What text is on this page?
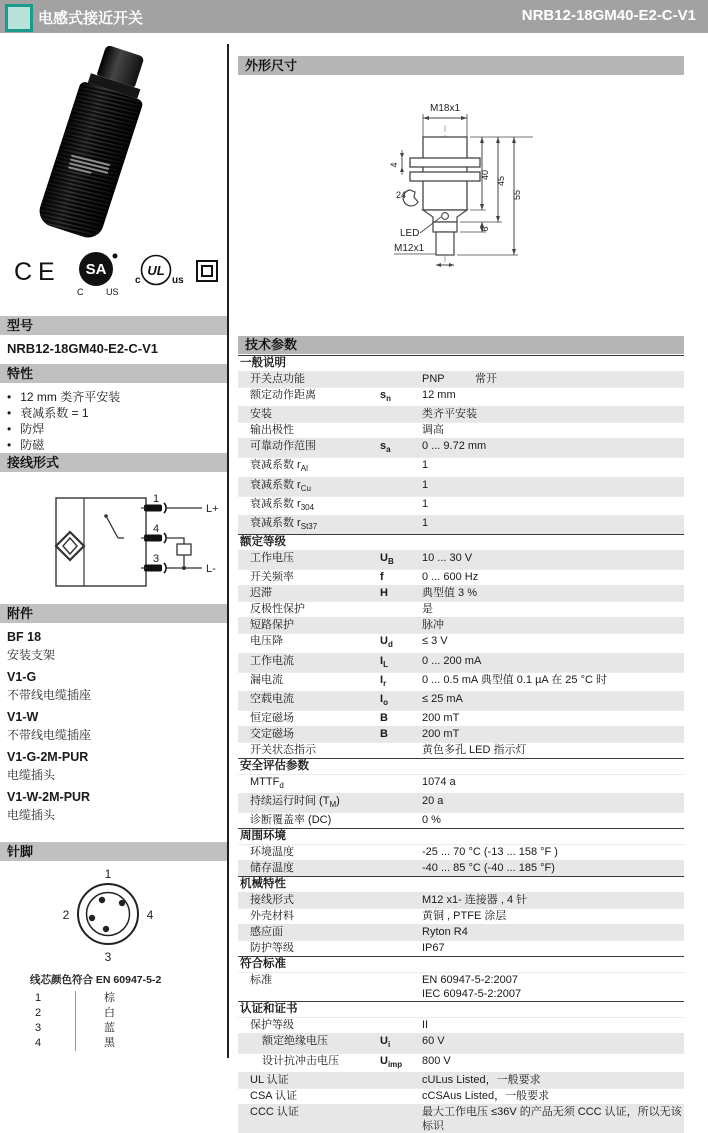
电感式接近开关	NRB12-18GM40-E2-C-V1
CE SA
C	US
UL
c	us
型号
NRB12-18GM40-E2-C-V1
特性
• 12 mm 类齐平安装
• 衰减系数 = 1
• 防焊
• 防磁
接线形式
1
L+
4
3
L-
附件
BF 18
安装支架
V1-G
不带线电缆插座
V1-W
不带线电缆插座
V1-G-2M-PUR
电缆插头
V1-W-2M-PUR
电缆插头
针脚
1
2
3
4
线芯颜色符合 EN 60947-5-2
1	棕
2	白
3	蓝
4	黑
外形尺寸
M18x1
4
24
LED
M12x1
40
45
55
6
技术参数
一般说明
开关点功能	PNP	常开
额定动作距离	$s_n$	12 mm
安装	类齐平安装
输出极性	调高
可靠动作范围	$s_a$	0 ... 9.72 mm
衰减系数 $r_{Al}$	1
衰减系数 $r_{Cu}$	1
衰减系数 $r_{304}$	1
衰减系数 $r_{St37}$	1
额定等级
工作电压	$U_B$	10 ... 30 V
开关频率	f	0 ... 600 Hz
迟滞	H	典型值 3 %
反极性保护	是
短路保护	脉冲
电压降	$U_d$	≤ 3 V
工作电流	$I_L$	0 ... 200 mA
漏电流	$I_r$	0 ... 0.5 mA 典型值 0.1 µA 在 25 °C 时
空载电流	$I_o$	≤ 25 mA
恒定磁场	B	200 mT
交定磁场	B	200 mT
开关状态指示	黄色多孔 LED 指示灯
安全评估参数
$MTTF_d$	1074 a
持续运行时间 $(T_M)$	20 a
诊断覆盖率 (DC)	0 %
周围环境
环境温度	-25 ... 70 °C (-13 ... 158 °F )
储存温度	-40 ... 85 °C (-40 ... 185 °F)
机械特性
接线形式	M12 x1- 连接器 , 4 针
外壳材料	黄铜 , PTFE 涂层
感应面	Ryton R4
防护等级	IP67
符合标准
标准	EN 60947-5-2:2007
IEC 60947-5-2:2007
认证和证书
保护等级	II
额定绝缘电压	$U_i$	60 V
设计抗冲击电压	$U_{imp}$	800 V
UL 认证	cULus Listed，一般要求
CSA 认证	cCSAus Listed，一般要求
CCC 认证	最大工作电压 ≤36V 的产品无须 CCC 认证，所以无该
标识
